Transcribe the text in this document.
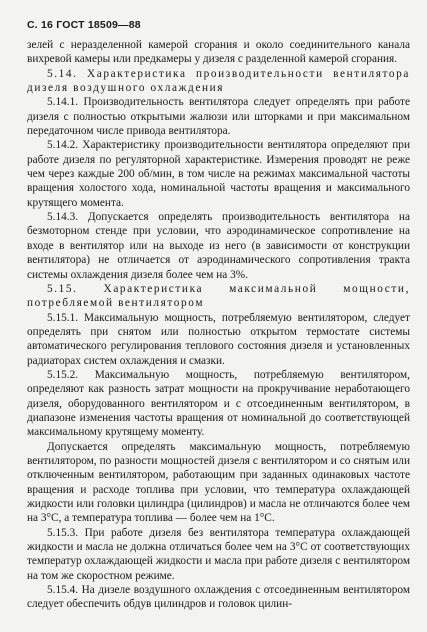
С. 16 ГОСТ 18509—88

зелей с неразделенной камерой сгорания и около соединительного канала вихревой камеры или предкамеры у дизеля с разделенной камерой сгорания.

5.14. Характеристика производительности вентилятора дизеля воздушного охлаждения

5.14.1. Производительность вентилятора следует определять при работе дизеля с полностью открытыми жалюзи или шторками и при максимальном передаточном числе привода вентилятора.

5.14.2. Характеристику производительности вентилятора определяют при работе дизеля по регуляторной характеристике. Измерения проводят не реже чем через каждые 200 об/мин, в том числе на режимах максимальной частоты вращения холостого хода, номинальной частоты вращения и максимального крутящего момента.

5.14.3. Допускается определять производительность вентилятора на безмоторном стенде при условии, что аэродинамическое сопротивление на входе в вентилятор или на выходе из него (в зависимости от конструкции вентилятора) не отличается от аэродинамического сопротивления тракта системы охлаждения дизеля более чем на 3%.

5.15. Характеристика максимальной мощности, потребляемой вентилятором

5.15.1. Максимальную мощность, потребляемую вентилятором, следует определять при снятом или полностью открытом термостате системы автоматического регулирования теплового состояния дизеля и установленных радиаторах систем охлаждения и смазки.

5.15.2. Максимальную мощность, потребляемую вентилятором, определяют как разность затрат мощности на прокручивание неработающего дизеля, оборудованного вентилятором и с отсоединенным вентилятором, в диапазоне изменения частоты вращения от номинальной до соответствующей максимальному крутящему моменту.

Допускается определять максимальную мощность, потребляемую вентилятором, по разности мощностей дизеля с вентилятором и со снятым или отключенным вентилятором, работающим при заданных одинаковых частоте вращения и расходе топлива при условии, что температура охлаждающей жидкости или головки цилиндра (цилиндров) и масла не отличаются более чем на 3°С, а температура топлива — более чем на 1°С.

5.15.3. При работе дизеля без вентилятора температура охлаждающей жидкости и масла не должна отличаться более чем на 3°С от соответствующих температур охлаждающей жидкости и масла при работе дизеля с вентилятором на том же скоростном режиме.

5.15.4. На дизеле воздушного охлаждения с отсоединенным вентилятором следует обеспечить обдув цилиндров и головок цилин-
